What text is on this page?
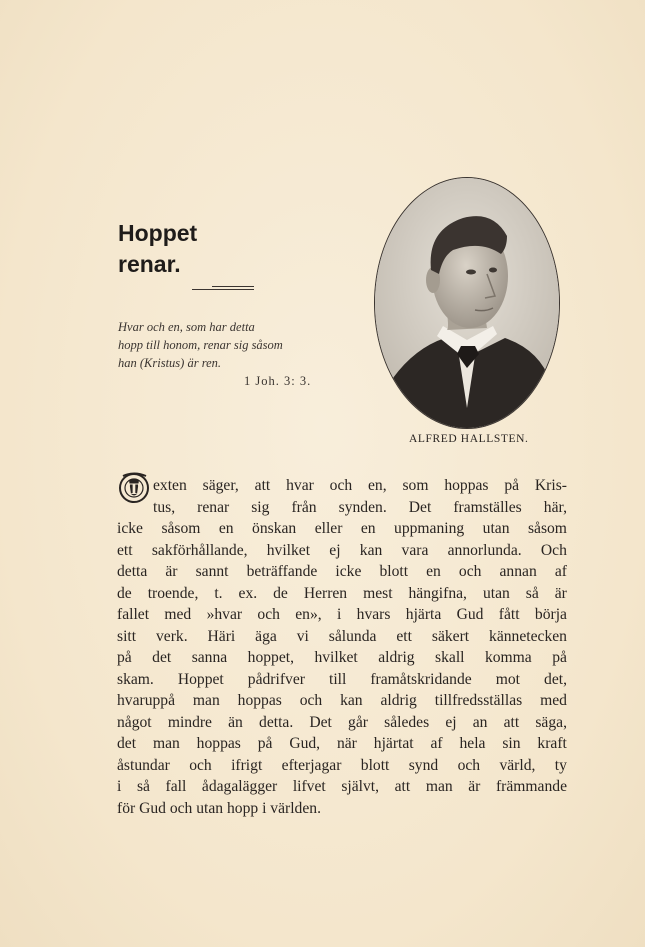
Hoppet
renar.
Hvar och en, som har detta
hopp till honom, renar sig såsom
han (Kristus) är ren.
1 Joh. 3: 3.
ALFRED HALLSTEN.
T exten säger, att hvar och en, som hoppas på Kris-
tus, renar sig från synden. Det framställes här,
icke såsom en önskan eller en uppmaning utan såsom
ett sakförhållande, hvilket ej kan vara annorlunda. Och
detta är sannt beträffande icke blott en och annan af
de troende, t. ex. de Herren mest hängifna, utan så är
fallet med »hvar och en», i hvars hjärta Gud fått börja
sitt verk. Häri äga vi sålunda ett säkert kännetecken
på det sanna hoppet, hvilket aldrig skall komma på
skam. Hoppet pådrifver till framåtskridande mot det,
hvaruppå man hoppas och kan aldrig tillfredsställas med
något mindre än detta. Det går således ej an att säga,
det man hoppas på Gud, när hjärtat af hela sin kraft
åstundar och ifrigt efterjagar blott synd och värld, ty
i så fall ådagalägger lifvet självt, att man är främmande
för Gud och utan hopp i världen.
